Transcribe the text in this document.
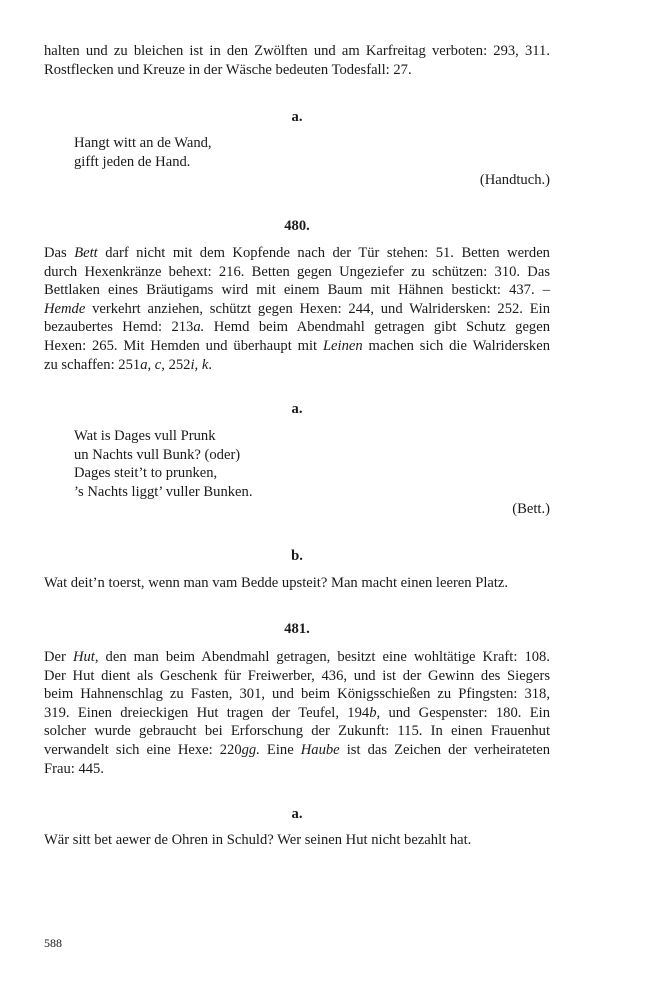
halten und zu bleichen ist in den Zwölften und am Karfreitag verboten: 293, 311.
Rostflecken und Kreuze in der Wäsche bedeuten Todesfall: 27.
a.
Hangt witt an de Wand,
gifft jeden de Hand.
(Handtuch.)
480.
Das Bett darf nicht mit dem Kopfende nach der Tür stehen: 51. Betten werden
durch Hexenkränze behext: 216. Betten gegen Ungeziefer zu schützen: 310. Das
Bettlaken eines Bräutigams wird mit einem Baum mit Hähnen bestickt: 437. –
Hemde verkehrt anziehen, schützt gegen Hexen: 244, und Walridersken: 252. Ein
bezaubertes Hemd: 213a. Hemd beim Abendmahl getragen gibt Schutz gegen
Hexen: 265. Mit Hemden und überhaupt mit Leinen machen sich die Walridersken
zu schaffen: 251a, c, 252i, k.
a.
Wat is Dages vull Prunk
un Nachts vull Bunk? (oder)
Dages steit’t to prunken,
’s Nachts liggt’ vuller Bunken.
(Bett.)
b.
Wat deit’n toerst, wenn man vam Bedde upsteit? Man macht einen leeren Platz.
481.
Der Hut, den man beim Abendmahl getragen, besitzt eine wohltätige Kraft: 108.
Der Hut dient als Geschenk für Freiwerber, 436, und ist der Gewinn des Siegers
beim Hahnenschlag zu Fasten, 301, und beim Königsschießen zu Pfingsten: 318,
319. Einen dreieckigen Hut tragen der Teufel, 194b, und Gespenster: 180. Ein
solcher wurde gebraucht bei Erforschung der Zukunft: 115. In einen Frauenhut
verwandelt sich eine Hexe: 220gg. Eine Haube ist das Zeichen der verheirateten
Frau: 445.
a.
Wär sitt bet aewer de Ohren in Schuld? Wer seinen Hut nicht bezahlt hat.
588
